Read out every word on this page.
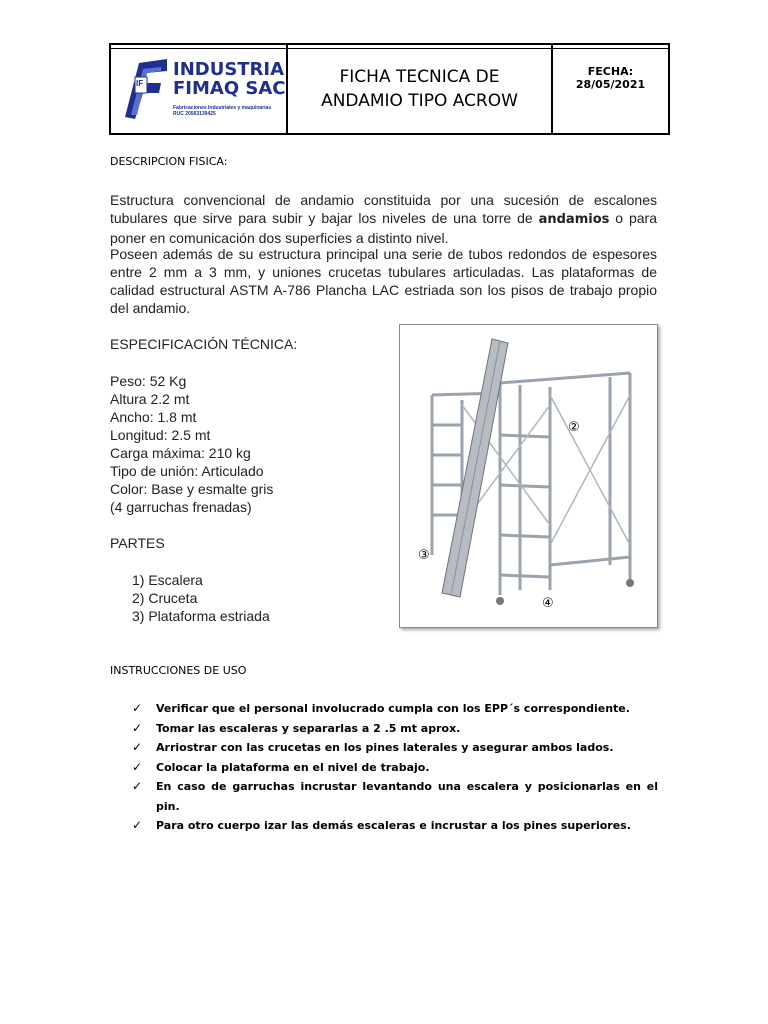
IF
INDUSTRIA
FIMAQ SAC
Fabricaciones Industriales y maquinarias
RUC 20563139425
FICHA TECNICA DE
ANDAMIO TIPO ACROW
FECHA:
28/05/2021
DESCRIPCION FISICA:

Estructura convencional de andamio constituida por una sucesión de escalones tubulares que sirve para subir y bajar los niveles de una torre de andamios o para poner en comunicación dos superficies a distinto nivel.

Poseen además de su estructura principal una serie de tubos redondos de espesores entre 2 mm a 3 mm, y uniones crucetas tubulares articuladas. Las plataformas de calidad estructural ASTM A-786 Plancha LAC estriada son los pisos de trabajo propio del andamio.

ESPECIFICACIÓN TÉCNICA:
Peso: 52 Kg
Altura 2.2 mt
Ancho: 1.8 mt
Longitud: 2.5 mt
Carga máxima: 210 kg
Tipo de unión: Articulado
Color: Base y esmalte gris
(4 garruchas frenadas)
PARTES
1) Escalera
2) Cruceta
3) Plataforma estriada
②
③
④
INSTRUCCIONES DE USO
✓ Verificar que el personal involucrado cumpla con los EPP´s correspondiente.
✓ Tomar las escaleras y separarlas a 2 .5 mt aprox.
✓ Arriostrar con las crucetas en los pines laterales y asegurar ambos lados.
✓ Colocar la plataforma en el nivel de trabajo.
✓ En caso de garruchas incrustar levantando una escalera y posicionarlas en el pin.
✓ Para otro cuerpo izar las demás escaleras e incrustar a los pines superiores.
